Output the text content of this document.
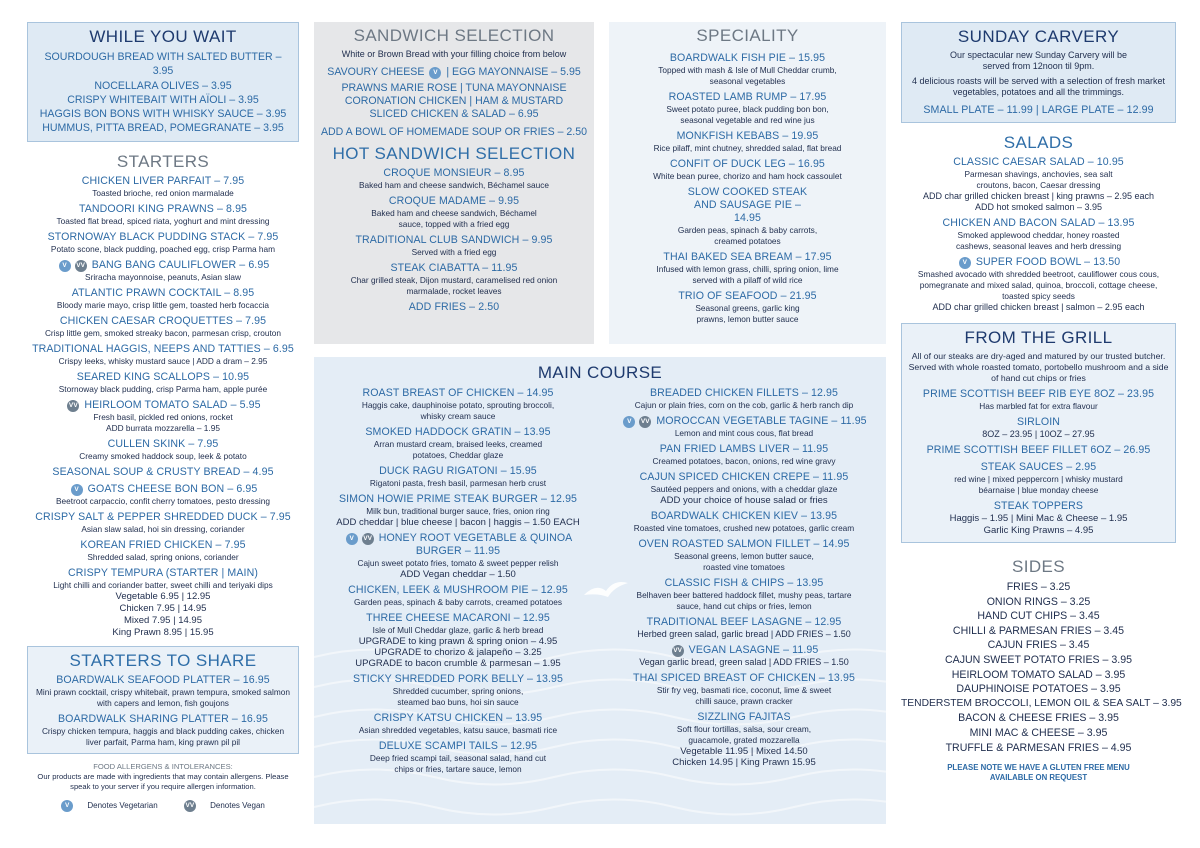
WHILE YOU WAIT
SOURDOUGH BREAD WITH SALTED BUTTER – 3.95
NOCELLARA OLIVES – 3.95
CRISPY WHITEBAIT WITH AÏOLI – 3.95
HAGGIS BON BONS WITH WHISKY SAUCE – 3.95
HUMMUS, PITTA BREAD, POMEGRANATE – 3.95
STARTERS
CHICKEN LIVER PARFAIT – 7.95
Toasted brioche, red onion marmalade
TANDOORI KING PRAWNS – 8.95
Toasted flat bread, spiced riata, yoghurt and mint dressing
STORNOWAY BLACK PUDDING STACK – 7.95
Potato scone, black pudding, poached egg, crisp Parma ham
V VV BANG BANG CAULIFLOWER – 6.95
Sriracha mayonnoise, peanuts, Asian slaw
ATLANTIC PRAWN COCKTAIL – 8.95
Bloody marie mayo, crisp little gem, toasted herb focaccia
CHICKEN CAESAR CROQUETTES – 7.95
Crisp little gem, smoked streaky bacon, parmesan crisp, crouton
TRADITIONAL HAGGIS, NEEPS AND TATTIES – 6.95
Crispy leeks, whisky mustard sauce | ADD a dram – 2.95
SEARED KING SCALLOPS – 10.95
Stornoway black pudding, crisp Parma ham, apple purée
VV HEIRLOOM TOMATO SALAD – 5.95
Fresh basil, pickled red onions, rocket
ADD burrata mozzarella – 1.95
CULLEN SKINK – 7.95
Creamy smoked haddock soup, leek & potato
SEASONAL SOUP & CRUSTY BREAD – 4.95
V GOATS CHEESE BON BON – 6.95
Beetroot carpaccio, confit cherry tomatoes, pesto dressing
CRISPY SALT & PEPPER SHREDDED DUCK – 7.95
Asian slaw salad, hoi sin dressing, coriander
KOREAN FRIED CHICKEN – 7.95
Shredded salad, spring onions, coriander
CRISPY TEMPURA (STARTER | MAIN)
Light chilli and coriander batter, sweet chilli and teriyaki dips
Vegetable 6.95 | 12.95
Chicken 7.95 | 14.95
Mixed 7.95 | 14.95
King Prawn 8.95 | 15.95
STARTERS TO SHARE
BOARDWALK SEAFOOD PLATTER – 16.95
Mini prawn cocktail, crispy whitebait, prawn tempura, smoked salmon with capers and lemon, fish goujons
BOARDWALK SHARING PLATTER – 16.95
Crispy chicken tempura, haggis and black pudding cakes, chicken liver parfait, Parma ham, king prawn pil pil
FOOD ALLERGENS & INTOLERANCES:
Our products are made with ingredients that may contain allergens. Please speak to your server if you require allergen information.
V Denotes Vegetarian	VV Denotes Vegan
SANDWICH SELECTION
White or Brown Bread with your filling choice from below
SAVOURY CHEESE V | EGG MAYONNAISE – 5.95
PRAWNS MARIE ROSE | TUNA MAYONNAISE
CORONATION CHICKEN | HAM & MUSTARD
SLICED CHICKEN & SALAD – 6.95
ADD A BOWL OF HOMEMADE SOUP OR FRIES – 2.50
HOT SANDWICH SELECTION
CROQUE MONSIEUR – 8.95
Baked ham and cheese sandwich, Béchamel sauce
CROQUE MADAME – 9.95
Baked ham and cheese sandwich, Béchamel sauce, topped with a fried egg
TRADITIONAL CLUB SANDWICH – 9.95
Served with a fried egg
STEAK CIABATTA – 11.95
Char grilled steak, Dijon mustard, caramelised red onion marmalade, rocket leaves
ADD FRIES – 2.50
SPECIALITY
BOARDWALK FISH PIE – 15.95
Topped with mash & Isle of Mull Cheddar crumb, seasonal vegetables
ROASTED LAMB RUMP – 17.95
Sweet potato puree, black pudding bon bon, seasonal vegetable and red wine jus
MONKFISH KEBABS – 19.95
Rice pilaff, mint chutney, shredded salad, flat bread
CONFIT OF DUCK LEG – 16.95
White bean puree, chorizo and ham hock cassoulet
SLOW COOKED STEAK AND SAUSAGE PIE – 14.95
Garden peas, spinach & baby carrots, creamed potatoes
THAI BAKED SEA BREAM – 17.95
Infused with lemon grass, chilli, spring onion, lime served with a pilaff of wild rice
TRIO OF SEAFOOD – 21.95
Seasonal greens, garlic king prawns, lemon butter sauce
SUNDAY CARVERY
Our spectacular new Sunday Carvery will be served from 12noon til 9pm.
4 delicious roasts will be served with a selection of fresh market vegetables, potatoes and all the trimmings.
SMALL PLATE – 11.99 | LARGE PLATE – 12.99
SALADS
CLASSIC CAESAR SALAD – 10.95
Parmesan shavings, anchovies, sea salt croutons, bacon, Caesar dressing
ADD char grilled chicken breast | king prawns – 2.95 each
ADD hot smoked salmon – 3.95
CHICKEN AND BACON SALAD – 13.95
Smoked applewood cheddar, honey roasted cashews, seasonal leaves and herb dressing
V SUPER FOOD BOWL – 13.50
Smashed avocado with shredded beetroot, cauliflower cous cous, pomegranate and mixed salad, quinoa, broccoli, cottage cheese, toasted spicy seeds
ADD char grilled chicken breast | salmon – 2.95 each
FROM THE GRILL
All of our steaks are dry-aged and matured by our trusted butcher. Served with whole roasted tomato, portobello mushroom and a side of hand cut chips or fries
PRIME SCOTTISH BEEF RIB EYE 8OZ – 23.95
Has marbled fat for extra flavour
SIRLOIN
8OZ – 23.95 | 10OZ – 27.95
PRIME SCOTTISH BEEF FILLET 6OZ – 26.95
STEAK SAUCES – 2.95
red wine | mixed peppercorn | whisky mustard
béarnaise | blue monday cheese
STEAK TOPPERS
Haggis – 1.95 | Mini Mac & Cheese – 1.95
Garlic King Prawns – 4.95
SIDES
FRIES – 3.25
ONION RINGS – 3.25
HAND CUT CHIPS – 3.45
CHILLI & PARMESAN FRIES – 3.45
CAJUN FRIES – 3.45
CAJUN SWEET POTATO FRIES – 3.95
HEIRLOOM TOMATO SALAD – 3.95
DAUPHINOISE POTATOES – 3.95
TENDERSTEM BROCCOLI, LEMON OIL & SEA SALT – 3.95
BACON & CHEESE FRIES – 3.95
MINI MAC & CHEESE – 3.95
TRUFFLE & PARMESAN FRIES – 4.95
PLEASE NOTE WE HAVE A GLUTEN FREE MENU AVAILABLE ON REQUEST
MAIN COURSE
ROAST BREAST OF CHICKEN – 14.95
Haggis cake, dauphinoise potato, sprouting broccoli, whisky cream sauce
SMOKED HADDOCK GRATIN – 13.95
Arran mustard cream, braised leeks, creamed potatoes, Cheddar glaze
DUCK RAGU RIGATONI – 15.95
Rigatoni pasta, fresh basil, parmesan herb crust
SIMON HOWIE PRIME STEAK BURGER – 12.95
Milk bun, traditional burger sauce, fries, onion ring
ADD cheddar | blue cheese | bacon | haggis – 1.50 EACH
V VV HONEY ROOT VEGETABLE & QUINOA BURGER – 11.95
Cajun sweet potato fries, tomato & sweet pepper relish
ADD Vegan cheddar – 1.50
CHICKEN, LEEK & MUSHROOM PIE – 12.95
Garden peas, spinach & baby carrots, creamed potatoes
THREE CHEESE MACARONI – 12.95
Isle of Mull Cheddar glaze, garlic & herb bread
UPGRADE to king prawn & spring onion – 4.95
UPGRADE to chorizo & jalapeño – 3.25
UPGRADE to bacon crumble & parmesan – 1.95
STICKY SHREDDED PORK BELLY – 13.95
Shredded cucumber, spring onions, steamed bao buns, hoi sin sauce
CRISPY KATSU CHICKEN – 13.95
Asian shredded vegetables, katsu sauce, basmati rice
DELUXE SCAMPI TAILS – 12.95
Deep fried scampi tail, seasonal salad, hand cut chips or fries, tartare sauce, lemon
BREADED CHICKEN FILLETS – 12.95
Cajun or plain fries, corn on the cob, garlic & herb ranch dip
V VV MOROCCAN VEGETABLE TAGINE – 11.95
Lemon and mint cous cous, flat bread
PAN FRIED LAMBS LIVER – 11.95
Creamed potatoes, bacon, onions, red wine gravy
CAJUN SPICED CHICKEN CREPE – 11.95
Sautéed peppers and onions, with a cheddar glaze
ADD your choice of house salad or fries
BOARDWALK CHICKEN KIEV – 13.95
Roasted vine tomatoes, crushed new potatoes, garlic cream
OVEN ROASTED SALMON FILLET – 14.95
Seasonal greens, lemon butter sauce, roasted vine tomatoes
CLASSIC FISH & CHIPS – 13.95
Belhaven beer battered haddock fillet, mushy peas, tartare sauce, hand cut chips or fries, lemon
TRADITIONAL BEEF LASAGNE – 12.95
Herbed green salad, garlic bread | ADD FRIES – 1.50
VV VEGAN LASAGNE – 11.95
Vegan garlic bread, green salad | ADD FRIES – 1.50
THAI SPICED BREAST OF CHICKEN – 13.95
Stir fry veg, basmati rice, coconut, lime & sweet chilli sauce, prawn cracker
SIZZLING FAJITAS
Soft flour tortillas, salsa, sour cream, guacamole, grated mozzarella
Vegetable 11.95 | Mixed 14.50
Chicken 14.95 | King Prawn 15.95
